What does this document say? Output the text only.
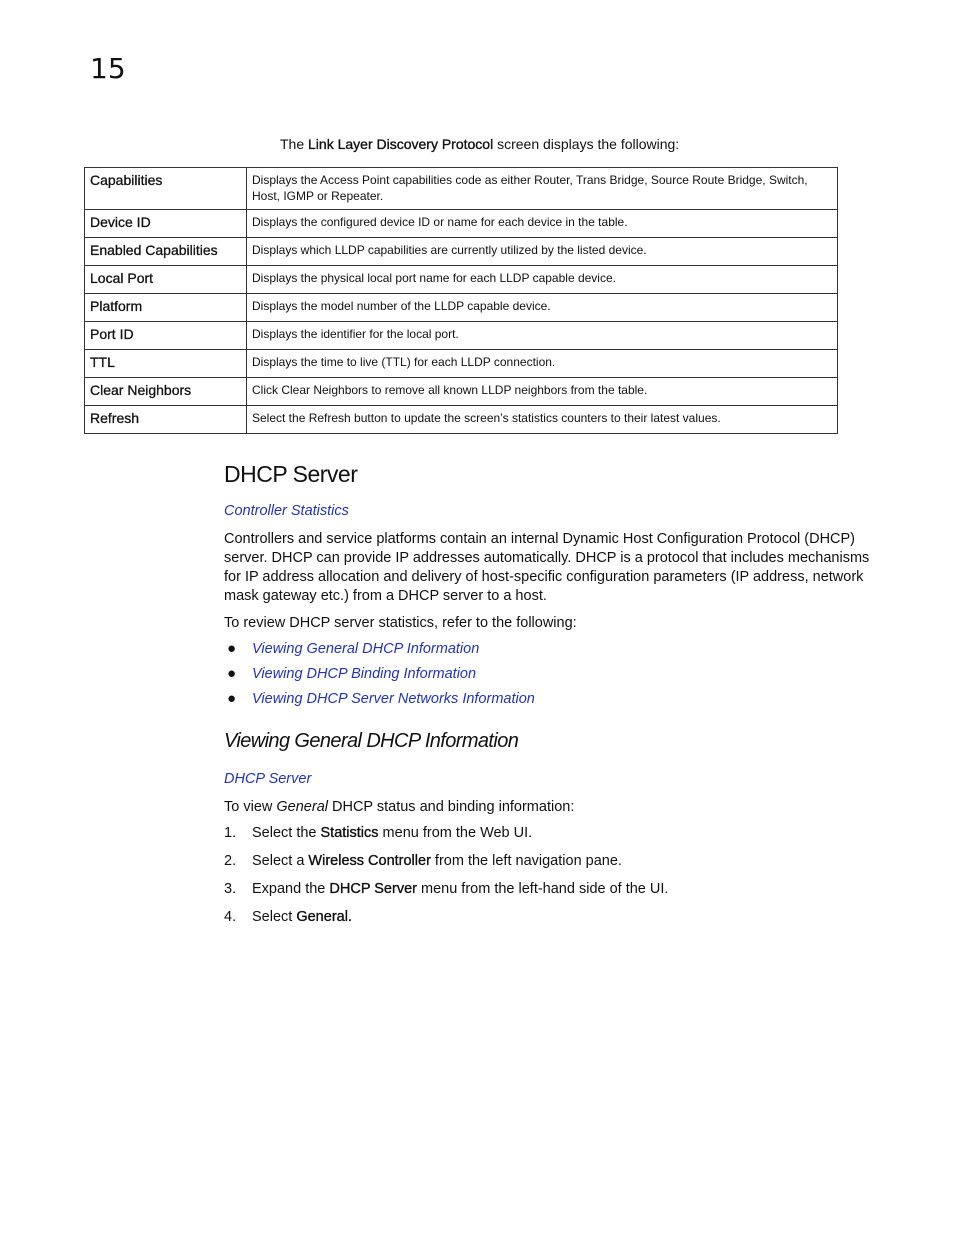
15
The Link Layer Discovery Protocol screen displays the following:
Capabilities	Displays the Access Point capabilities code as either Router, Trans Bridge, Source Route Bridge, Switch, Host, IGMP or Repeater.
Device ID	Displays the configured device ID or name for each device in the table.
Enabled Capabilities	Displays which LLDP capabilities are currently utilized by the listed device.
Local Port	Displays the physical local port name for each LLDP capable device.
Platform	Displays the model number of the LLDP capable device.
Port ID	Displays the identifier for the local port.
TTL	Displays the time to live (TTL) for each LLDP connection.
Clear Neighbors	Click Clear Neighbors to remove all known LLDP neighbors from the table.
Refresh	Select the Refresh button to update the screen’s statistics counters to their latest values.
DHCP Server
Controller Statistics
Controllers and service platforms contain an internal Dynamic Host Configuration Protocol (DHCP) server. DHCP can provide IP addresses automatically. DHCP is a protocol that includes mechanisms for IP address allocation and delivery of host-specific configuration parameters (IP address, network mask gateway etc.) from a DHCP server to a host.
To review DHCP server statistics, refer to the following:
● Viewing General DHCP Information
● Viewing DHCP Binding Information
● Viewing DHCP Server Networks Information
Viewing General DHCP Information
DHCP Server
To view General DHCP status and binding information:
1. Select the Statistics menu from the Web UI.
2. Select a Wireless Controller from the left navigation pane.
3. Expand the DHCP Server menu from the left-hand side of the UI.
4. Select General.
